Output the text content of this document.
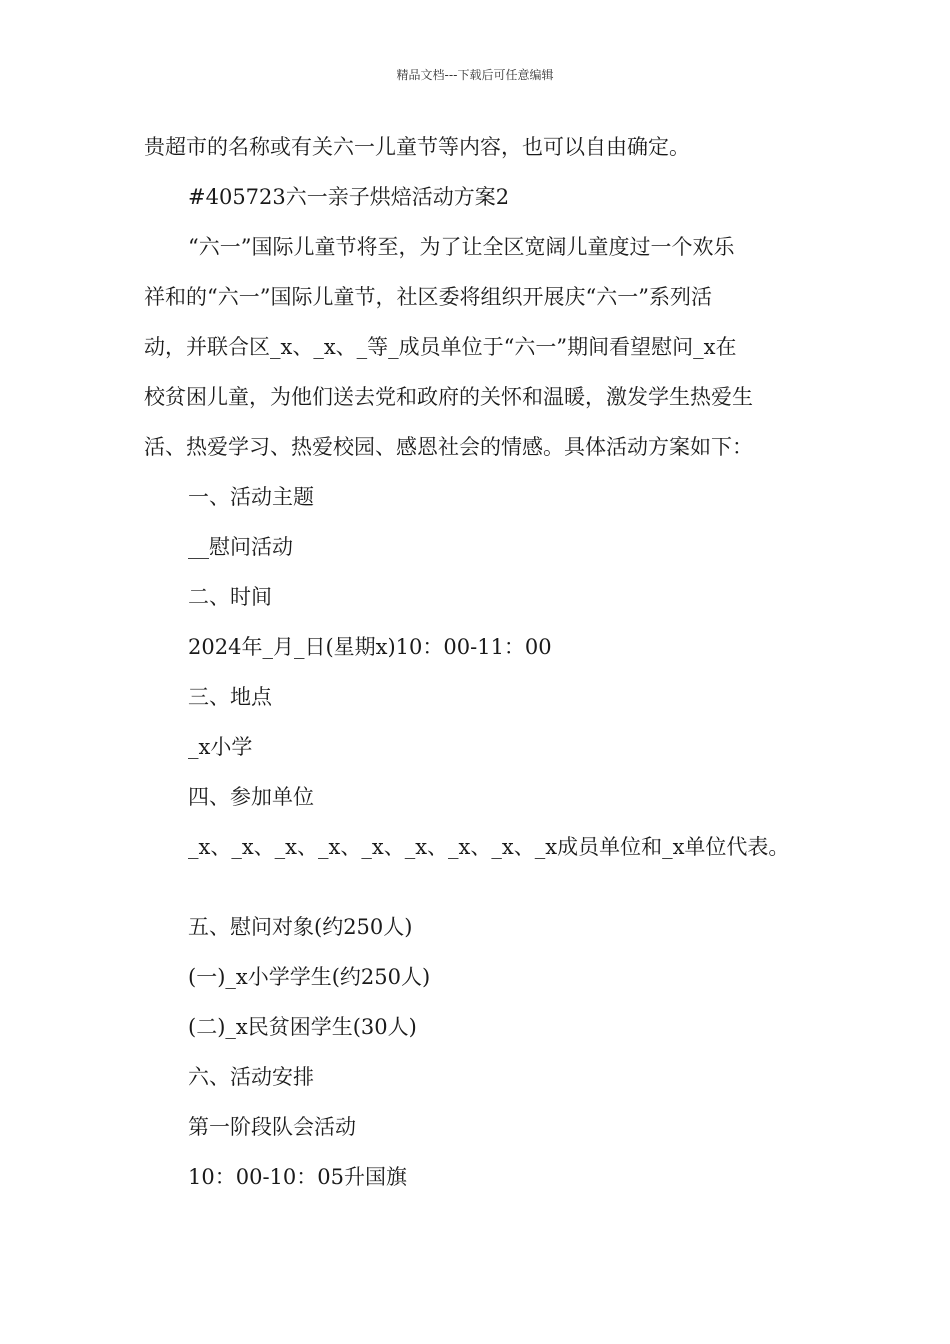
精品文档---下载后可任意编辑
贵超市的名称或有关六一儿童节等内容，也可以自由确定。
#405723六一亲子烘焙活动方案2
“六一”国际儿童节将至，为了让全区宽阔儿童度过一个欢乐
祥和的“六一”国际儿童节，社区委将组织开展庆“六一”系列活
动，并联合区_x、_x、_等_成员单位于“六一”期间看望慰问_x在
校贫困儿童，为他们送去党和政府的关怀和温暖，激发学生热爱生
活、热爱学习、热爱校园、感恩社会的情感。具体活动方案如下：
一、活动主题
__慰问活动
二、时间
2024年_月_日(星期x)10：00-11：00
三、地点
_x小学
四、参加单位
_x、_x、_x、_x、_x、_x、_x、_x、_x成员单位和_x单位代表。
五、慰问对象(约250人)
(一)_x小学学生(约250人)
(二)_x民贫困学生(30人)
六、活动安排
第一阶段队会活动
10：00-10：05升国旗
